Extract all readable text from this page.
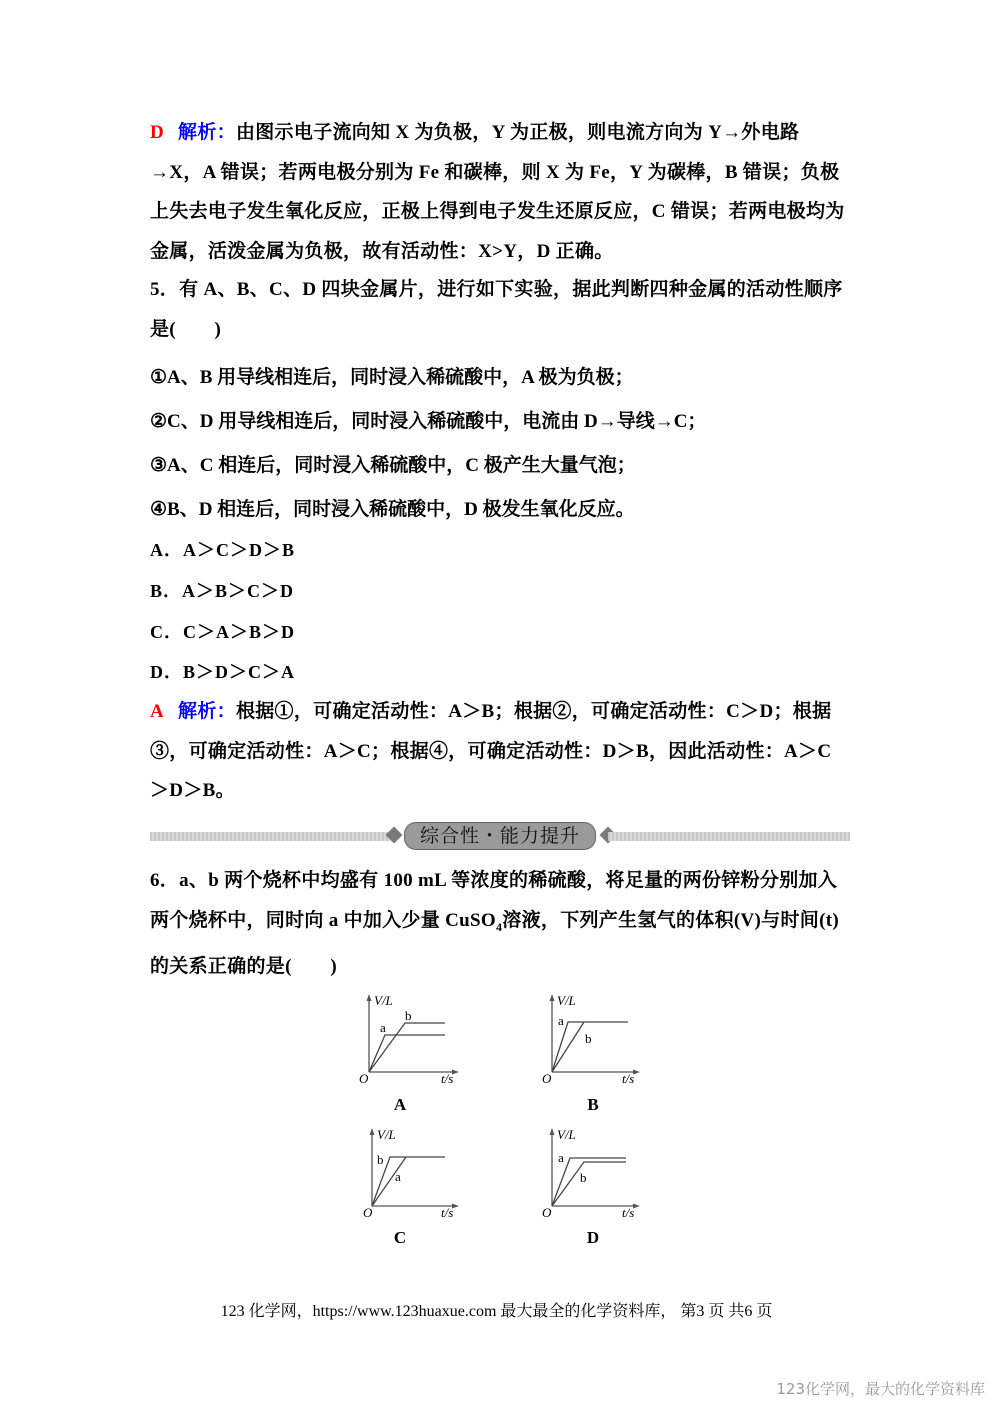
D 解析：由图示电子流向知 X 为负极，Y 为正极，则电流方向为 Y→外电路→X，A 错误；若两电极分别为 Fe 和碳棒，则 X 为 Fe，Y 为碳棒，B 错误；负极上失去电子发生氧化反应，正极上得到电子发生还原反应，C 错误；若两电极均为金属，活泼金属为负极，故有活动性：X>Y，D 正确。
5．有 A、B、C、D 四块金属片，进行如下实验，据此判断四种金属的活动性顺序是(　　)
①A、B 用导线相连后，同时浸入稀硫酸中，A 极为负极；
②C、D 用导线相连后，同时浸入稀硫酸中，电流由 D→导线→C；
③A、C 相连后，同时浸入稀硫酸中，C 极产生大量气泡；
④B、D 相连后，同时浸入稀硫酸中，D 极发生氧化反应。
A．A＞C＞D＞B
B．A＞B＞C＞D
C．C＞A＞B＞D
D．B＞D＞C＞A
A 解析：根据①，可确定活动性：A＞B；根据②，可确定活动性：C＞D；根据③，可确定活动性：A＞C；根据④，可确定活动性：D＞B，因此活动性：A＞C＞D＞B。
综合性・能力提升
6．a、b 两个烧杯中均盛有 100 mL 等浓度的稀硫酸，将足量的两份锌粉分别加入两个烧杯中，同时向 a 中加入少量 CuSO$_4$溶液，下列产生氢气的体积(V)与时间(t)的关系正确的是(　　)
a
b
V/L
O	t/s
A
a
b
V/L
O	t/s
B
b
a
V/L
O	t/s
C
a
b
V/L
O	t/s
D
123 化学网，https://www.123huaxue.com 最大最全的化学资料库， 第3 页 共6 页
123化学网，最大的化学资料库
